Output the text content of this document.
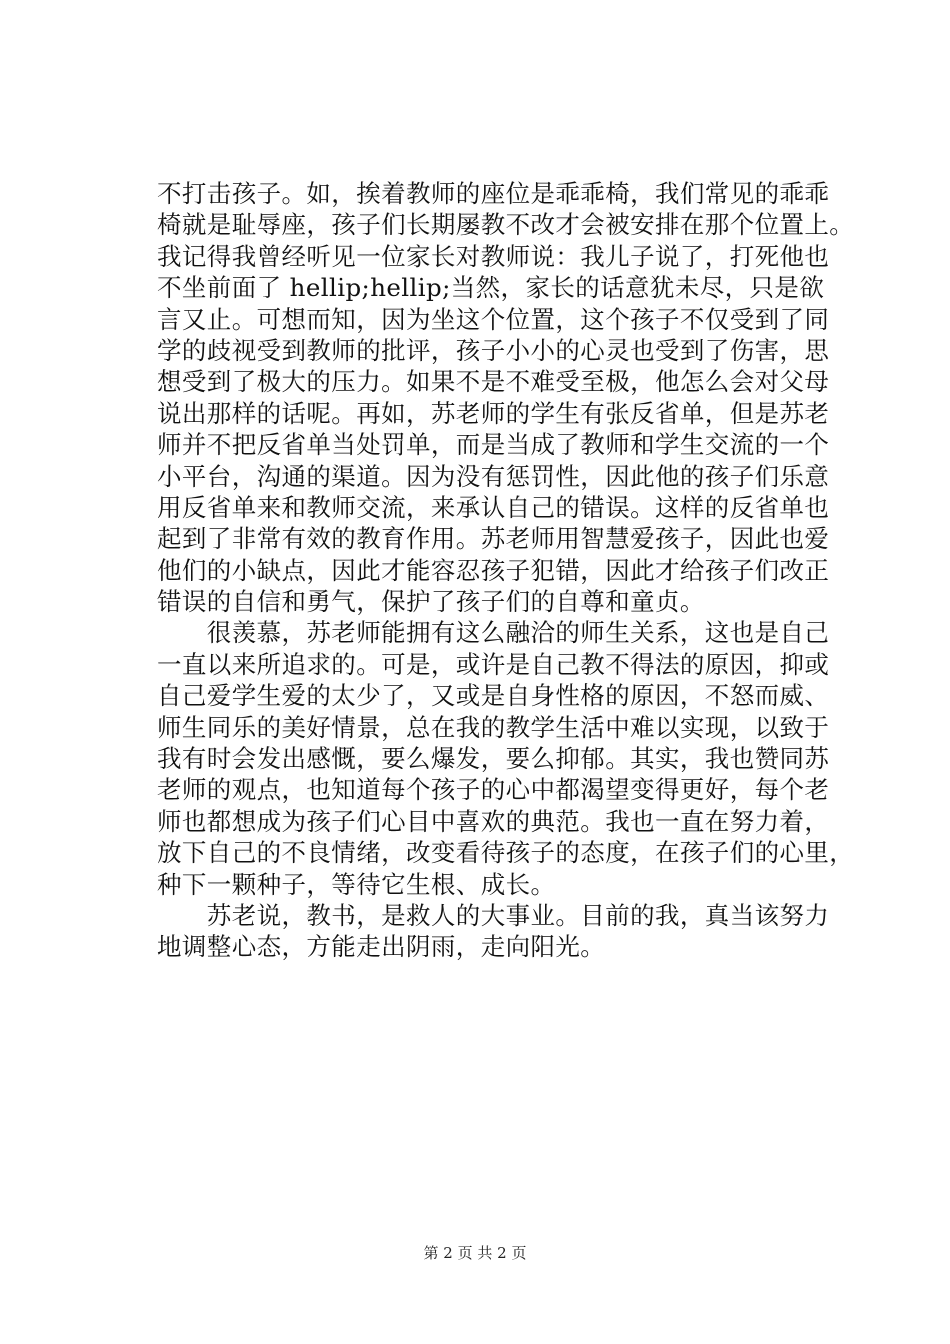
不打击孩子。如，挨着教师的座位是乖乖椅，我们常见的乖乖
椅就是耻辱座，孩子们长期屡教不改才会被安排在那个位置上。
我记得我曾经听见一位家长对教师说：我儿子说了，打死他也
不坐前面了 hellip;hellip;当然，家长的话意犹未尽，只是欲
言又止。可想而知，因为坐这个位置，这个孩子不仅受到了同
学的歧视受到教师的批评，孩子小小的心灵也受到了伤害，思
想受到了极大的压力。如果不是不难受至极，他怎么会对父母
说出那样的话呢。再如，苏老师的学生有张反省单，但是苏老
师并不把反省单当处罚单，而是当成了教师和学生交流的一个
小平台，沟通的渠道。因为没有惩罚性，因此他的孩子们乐意
用反省单来和教师交流，来承认自己的错误。这样的反省单也
起到了非常有效的教育作用。苏老师用智慧爱孩子，因此也爱
他们的小缺点，因此才能容忍孩子犯错，因此才给孩子们改正
错误的自信和勇气，保护了孩子们的自尊和童贞。
　　很羡慕，苏老师能拥有这么融洽的师生关系，这也是自己
一直以来所追求的。可是，或许是自己教不得法的原因，抑或
自己爱学生爱的太少了，又或是自身性格的原因，不怒而威、
师生同乐的美好情景，总在我的教学生活中难以实现，以致于
我有时会发出感慨，要么爆发，要么抑郁。其实，我也赞同苏
老师的观点，也知道每个孩子的心中都渴望变得更好，每个老
师也都想成为孩子们心目中喜欢的典范。我也一直在努力着，
放下自己的不良情绪，改变看待孩子的态度，在孩子们的心里，
种下一颗种子，等待它生根、成长。
　　苏老说，教书，是救人的大事业。目前的我，真当该努力
地调整心态，方能走出阴雨，走向阳光。
第 2 页 共 2 页
